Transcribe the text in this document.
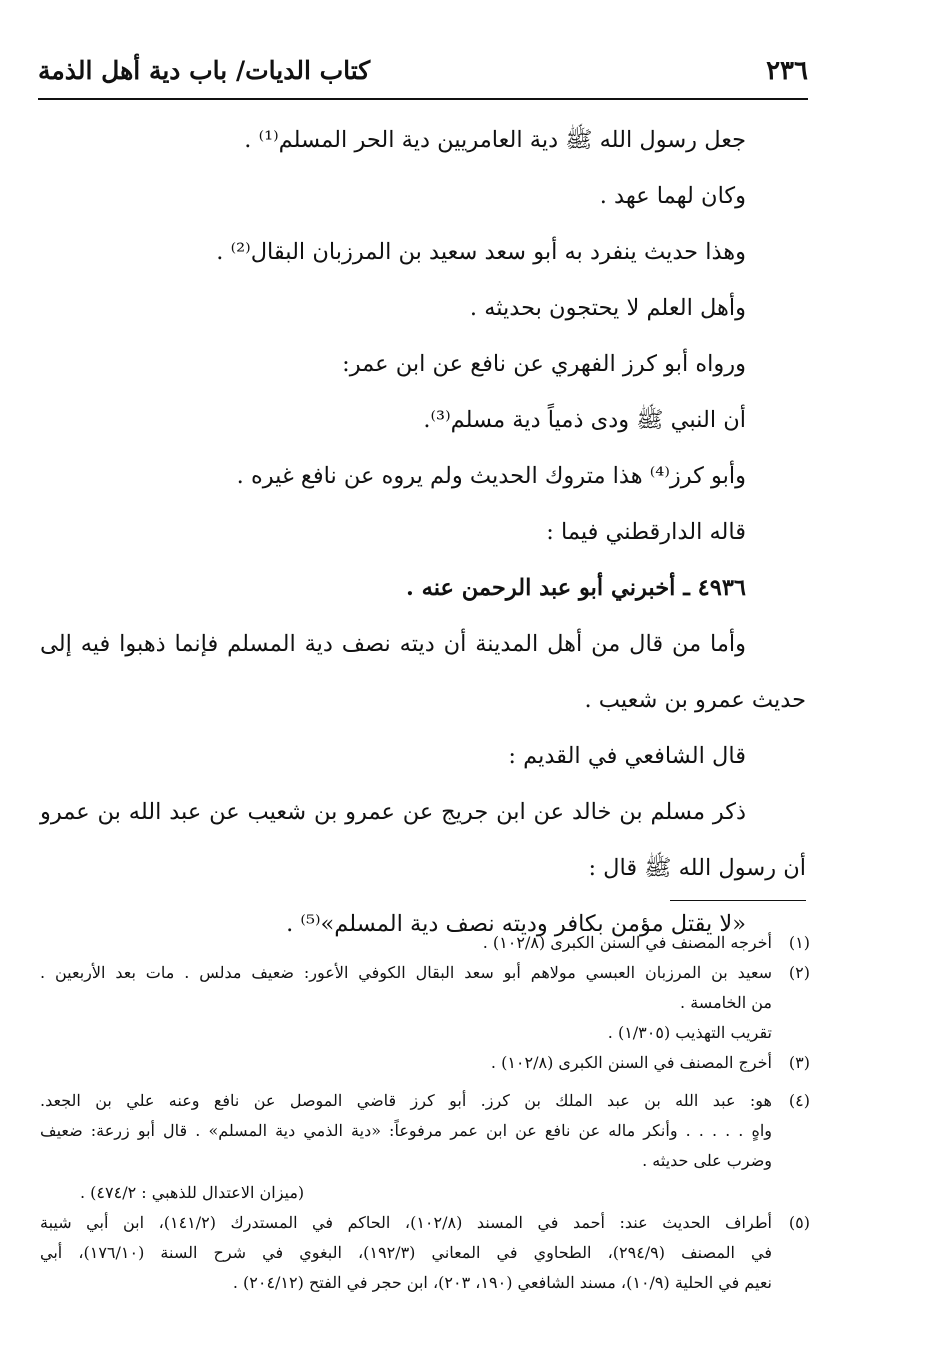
٢٣٦
كتاب الديات/ باب دية أهل الذمة
جعل رسول الله ﷺ دية العامريين دية الحر المسلم⁽¹⁾ .
وكان لهما عهد .
وهذا حديث ينفرد به أبو سعد سعيد بن المرزبان البقال⁽²⁾ .
وأهل العلم لا يحتجون بحديثه .
ورواه أبو كرز الفهري عن نافع عن ابن عمر:
أن النبي ﷺ ودى ذمياً دية مسلم⁽³⁾.
وأبو كرز⁽⁴⁾ هذا متروك الحديث ولم يروه عن نافع غيره .
قاله الدارقطني فيما :
٤٩٣٦ ـ أخبرني أبو عبد الرحمن عنه .
وأما من قال من أهل المدينة أن ديته نصف دية المسلم فإنما ذهبوا فيه إلى
حديث عمرو بن شعيب .
قال الشافعي في القديم :
ذكر مسلم بن خالد عن ابن جريج عن عمرو بن شعيب عن عبد الله بن عمرو
أن رسول الله ﷺ قال :
«لا يقتل مؤمن بكافر وديته نصف دية المسلم»⁽⁵⁾ .
(١)
أخرجه المصنف في السنن الكبرى (١٠٢/٨) .
(٢)
سعيد بن المرزبان العبسي مولاهم أبو سعد البقال الكوفي الأعور: ضعيف مدلس . مات بعد الأربعين .
من الخامسة .
تقريب التهذيب (١/٣٠٥) .
(٣)
أخرج المصنف في السنن الكبرى (١٠٢/٨) .
(٤)
هو: عبد الله بن عبد الملك بن كرز. أبو كرز قاضي الموصل عن نافع وعنه علي بن الجعد.
واهٍ . . . . . وأنكر ماله عن نافع عن ابن عمر مرفوعاً: «دية الذمي دية المسلم» . قال أبو زرعة: ضعيف
وضرب على حديثه .
(ميزان الاعتدال للذهبي : ٤٧٤/٢) .
(٥)
أطراف الحديث عند: أحمد في المسند (١٠٢/٨)، الحاكم في المستدرك (١٤١/٢)، ابن أبي شيبة
في المصنف (٢٩٤/٩)، الطحاوي في المعاني (١٩٢/٣)، البغوي في شرح السنة (١٧٦/١٠)، أبي
نعيم في الحلية (١٠/٩)، مسند الشافعي (١٩٠، ٢٠٣)، ابن حجر في الفتح (٢٠٤/١٢) .
